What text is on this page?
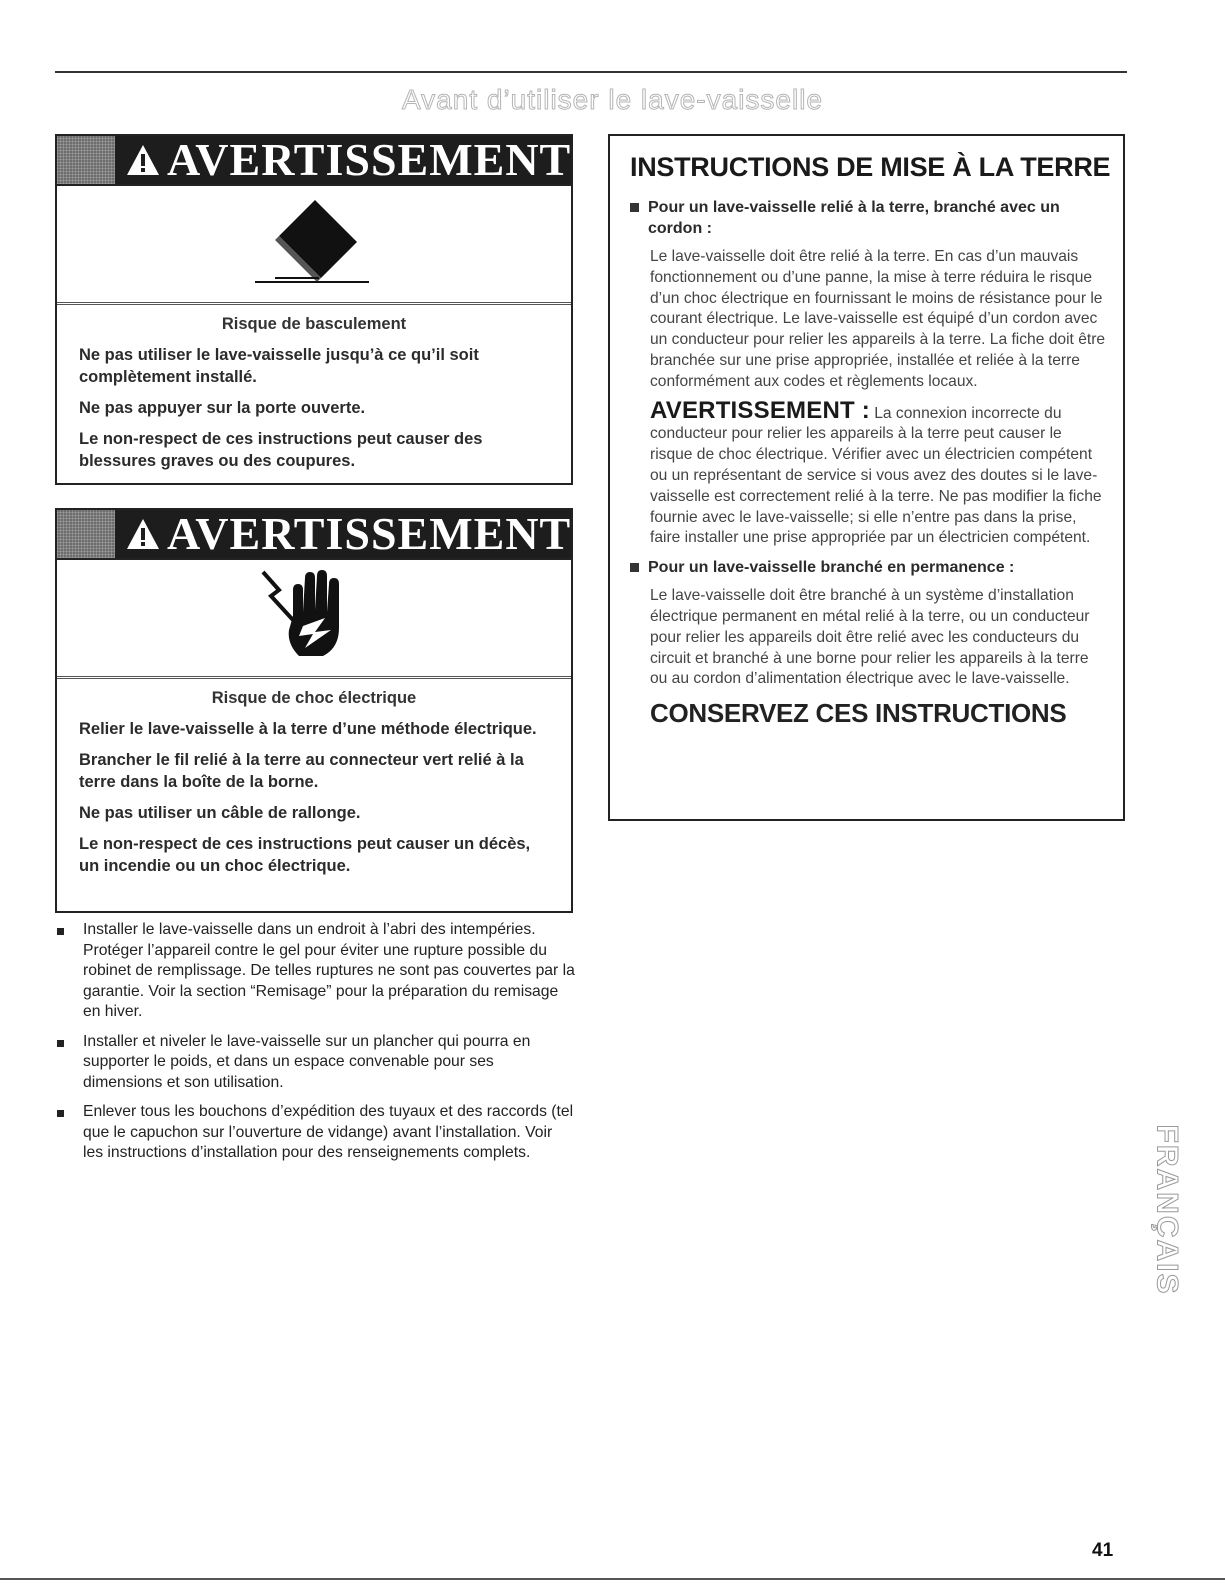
Avant d’utiliser le lave-vaisselle
AVERTISSEMENT

Risque de basculement

Ne pas utiliser le lave-vaisselle jusqu’à ce qu’il soit complètement installé.

Ne pas appuyer sur la porte ouverte.

Le non-respect de ces instructions peut causer des blessures graves ou des coupures.

AVERTISSEMENT

Risque de choc électrique

Relier le lave-vaisselle à la terre d’une méthode électrique.

Brancher le fil relié à la terre au connecteur vert relié à la terre dans la boîte de la borne.

Ne pas utiliser un câble de rallonge.

Le non-respect de ces instructions peut causer un décès, un incendie ou un choc électrique.

INSTRUCTIONS DE MISE À LA TERRE

Pour un lave-vaisselle relié à la terre, branché avec un cordon :

Le lave-vaisselle doit être relié à la terre. En cas d’un mauvais fonctionnement ou d’une panne, la mise à terre réduira le risque d’un choc électrique en fournissant le moins de résistance pour le courant électrique. Le lave-vaisselle est équipé d’un cordon avec un conducteur pour relier les appareils à la terre. La fiche doit être branchée sur une prise appropriée, installée et reliée à la terre conformément aux codes et règlements locaux.

AVERTISSEMENT : La connexion incorrecte du conducteur pour relier les appareils à la terre peut causer le risque de choc électrique. Vérifier avec un électricien compétent ou un représentant de service si vous avez des doutes si le lave-vaisselle est correctement relié à la terre. Ne pas modifier la fiche fournie avec le lave-vaisselle; si elle n’entre pas dans la prise, faire installer une prise appropriée par un électricien compétent.

Pour un lave-vaisselle branché en permanence :

Le lave-vaisselle doit être branché à un système d’installation électrique permanent en métal relié à la terre, ou un conducteur pour relier les appareils doit être relié avec les conducteurs du circuit et branché à une borne pour relier les appareils à la terre ou au cordon d’alimentation électrique avec le lave-vaisselle.

CONSERVEZ CES INSTRUCTIONS
Installer le lave-vaisselle dans un endroit à l’abri des intempéries. Protéger l’appareil contre le gel pour éviter une rupture possible du robinet de remplissage. De telles ruptures ne sont pas couvertes par la garantie. Voir la section “Remisage” pour la préparation du remisage en hiver.
Installer et niveler le lave-vaisselle sur un plancher qui pourra en supporter le poids, et dans un espace convenable pour ses dimensions et son utilisation.
Enlever tous les bouchons d’expédition des tuyaux et des raccords (tel que le capuchon sur l’ouverture de vidange) avant l’installation. Voir les instructions d’installation pour des renseignements complets.	FRANÇAIS
41
